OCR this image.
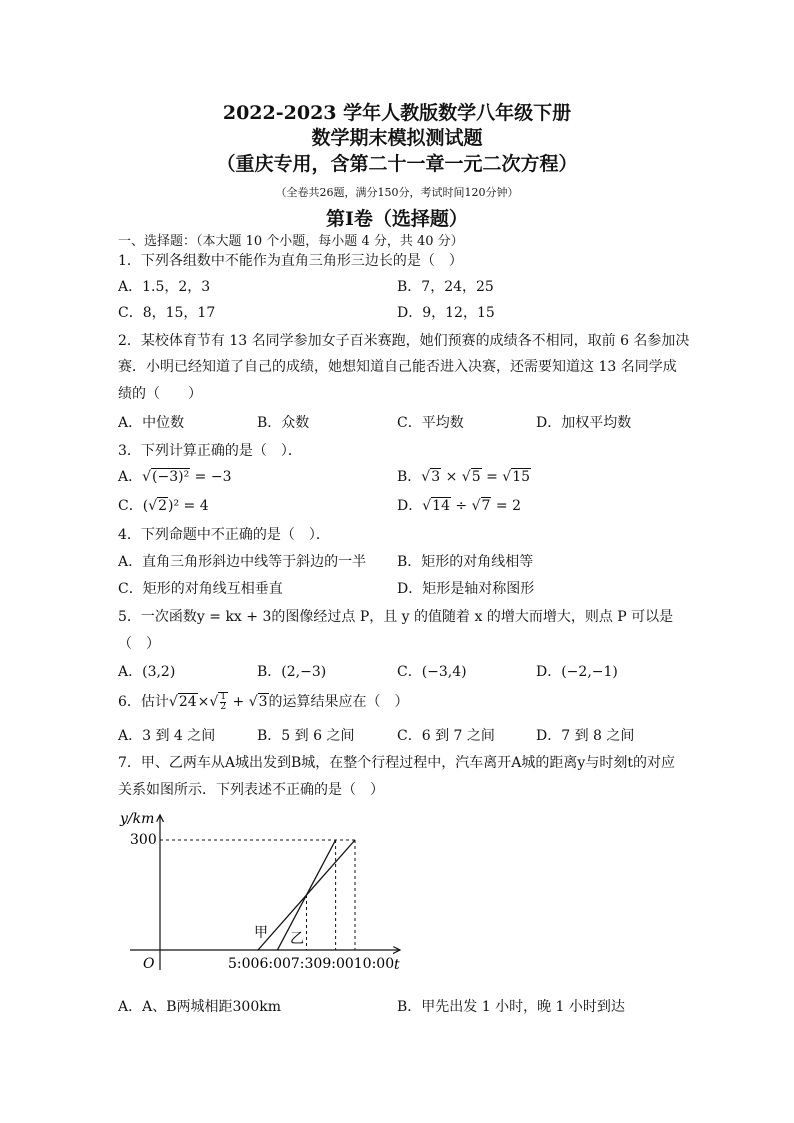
2022-2023 学年人教版数学八年级下册
数学期末模拟测试题
（重庆专用，含第二十一章一元二次方程）
（全卷共26题，满分150分，考试时间120分钟）
第Ⅰ卷（选择题）
一、选择题：（本大题 10 个小题，每小题 4 分，共 40 分）
1．下列各组数中不能作为直角三角形三边长的是（　）
A．1.5，2，3	B．7，24，25
C．8，15，17	D．9，12，15
2．某校体育节有 13 名同学参加女子百米赛跑，她们预赛的成绩各不相同，取前 6 名参加决
赛．小明已经知道了自己的成绩，她想知道自己能否进入决赛，还需要知道这 13 名同学成
绩的（　　）
A．中位数	B．众数	C．平均数	D．加权平均数
3．下列计算正确的是（　）．
A．√(−3)² = −3	B．√3 × √5 = √15
C．(√2)² = 4	D．√14 ÷ √7 = 2
4．下列命题中不正确的是（　）．
A．直角三角形斜边中线等于斜边的一半 B．矩形的对角线相等
C．矩形的对角线互相垂直	D．矩形是轴对称图形
5．一次函数y = kx + 3的图像经过点 P，且 y 的值随着 x 的增大而增大，则点 P 可以是
（　）
A．(3,2)	B．(2,−3)	C．(−3,4)	D．(−2,−1)
6．估计$√24\times√ \frac{1}{2} + √3$的运算结果应在（　）
A．3 到 4 之间	B．5 到 6 之间	C．6 到 7 之间	D．7 到 8 之间
7．甲、乙两车从A城出发到B城，在整个行程过程中，汽车离开A城的距离y与时刻t的对应
关系如图所示．下列表述不正确的是（　）
y/km
t
O
300
5:006:007:309:0010:00
甲 乙
A．A、B两城相距300km	B．甲先出发 1 小时，晚 1 小时到达
